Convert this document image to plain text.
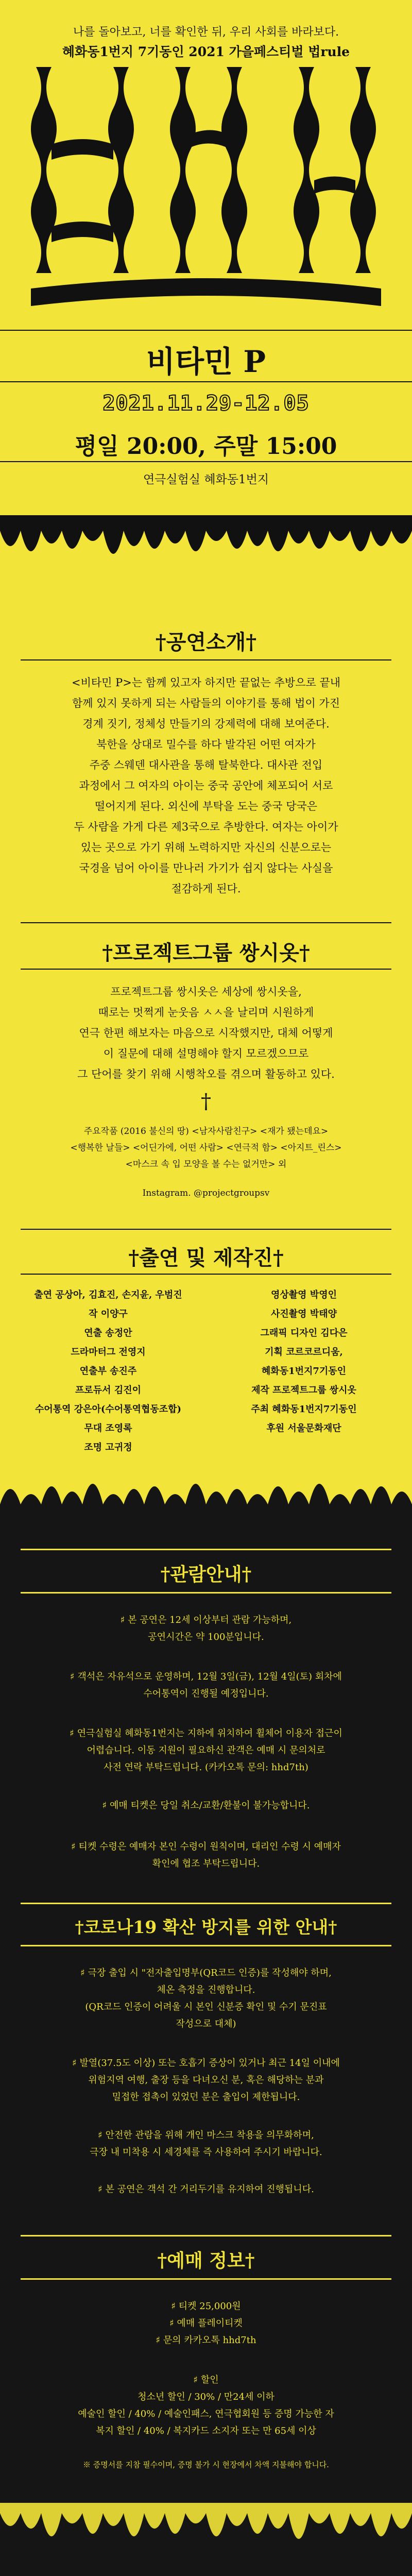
나를 돌아보고, 너를 확인한 뒤, 우리 사회를 바라보다.
혜화동1번지 7기동인 2021 가을페스티벌 법rule
비타민 P
2021.11.29-12.05
평일 20:00, 주말 15:00
연극실험실 혜화동1번지
†공연소개†
<비타민 P>는 함께 있고자 하지만 끝없는 추방으로 끝내
함께 있지 못하게 되는 사람들의 이야기를 통해 법이 가진
경계 짓기, 정체성 만들기의 강제력에 대해 보여준다.
북한을 상대로 밀수를 하다 발각된 어떤 여자가
주중 스웨덴 대사관을 통해 탈북한다. 대사관 전입
과정에서 그 여자의 아이는 중국 공안에 체포되어 서로
떨어지게 된다. 외신에 부탁을 도는 중국 당국은
두 사람을 가게 다른 제3국으로 추방한다. 여자는 아이가
있는 곳으로 가기 위해 노력하지만 자신의 신분으로는
국경을 넘어 아이를 만나러 가기가 쉽지 않다는 사실을
절감하게 된다.
†프로젝트그룹 쌍시옷†
프로젝트그룹 쌍시옷은 세상에 쌍시옷을,
때로는 멋쩍게 눈웃음 ㅅㅅ을 날리며 시원하게
연극 한편 해보자는 마음으로 시작했지만, 대체 어떻게
이 질문에 대해 설명해야 할지 모르겠으므로
그 단어를 찾기 위해 시행착오를 겪으며 활동하고 있다.
†
주요작품 (2016 불신의 땅) <남자사람친구> <재가 됐는데요>
<행복한 날들> <어딘가에, 어떤 사람> <연극적 함> <아지트_린스>
<마스크 속 입 모양을 볼 수는 없거만> 외
Instagram. @projectgroupsv
†출연 및 제작진†
출연 공상아, 김효진, 손지윤, 우범진
작 이양구
연출 송정안
드라마터그 전영지
연출부 송진주
프로듀서 김진이
수어통역 강은아(수어통역협동조합)
무대 조영록
조명 고귀정
영상촬영 박영인
사진촬영 박태양
그래픽 디자인 김다은
기획 코르코르디움,
혜화동1번지7기동인
제작 프로젝트그룹 쌍시옷
주최 혜화동1번지7기동인
후원 서울문화재단
†관람안내†
♯ 본 공연은 12세 이상부터 관람 가능하며,
공연시간은 약 100분입니다.
♯ 객석은 자유석으로 운영하며, 12월 3일(금), 12월 4일(토) 회차에
수어통역이 진행될 예정입니다.
♯ 연극실험실 혜화동1번지는 지하에 위치하여 휠체어 이용자 접근이
어렵습니다. 이동 지원이 필요하신 관객은 예매 시 문의처로
사전 연락 부탁드립니다. (카카오톡 문의: hhd7th)
♯ 예매 티켓은 당일 취소/교환/환불이 불가능합니다.
♯ 티켓 수령은 예매자 본인 수령이 원칙이며, 대리인 수령 시 예매자
확인에 협조 부탁드립니다.
†코로나19 확산 방지를 위한 안내†
♯ 극장 출입 시 "전자출입명부(QR코드 인증)를 작성해야 하며,
체온 측정을 진행합니다.
(QR코드 인증이 어려울 시 본인 신분증 확인 및 수기 문진표
작성으로 대체)
♯ 발열(37.5도 이상) 또는 호흡기 증상이 있거나 최근 14일 이내에
위험지역 여행, 출장 등을 다녀오신 분, 혹은 해당하는 분과
밀접한 접촉이 있었던 분은 출입이 제한됩니다.
♯ 안전한 관람을 위해 개인 마스크 착용을 의무화하며,
극장 내 미착용 시 세경체를 즉 사용하여 주시기 바랍니다.
♯ 본 공연은 객석 간 거리두기를 유지하여 진행됩니다.
†예매 정보†
♯ 티켓 25,000원
♯ 예매 플레이티켓
♯ 문의 카카오톡 hhd7th
♯ 할인
청소년 할인 / 30% / 만24세 이하
예술인 할인 / 40% / 예술인패스, 연극협회원 등 증명 가능한 자
복지 할인 / 40% / 복지카드 소지자 또는 만 65세 이상
※ 증명서를 지참 필수이며, 증명 불가 시 현장에서 차액 지불해야 합니다.
